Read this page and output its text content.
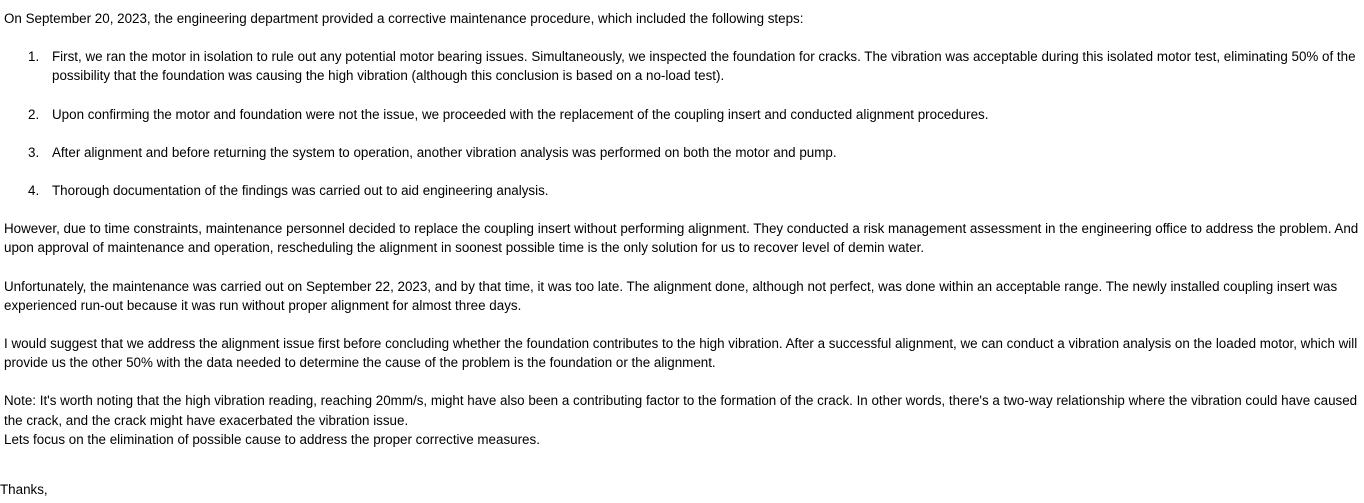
On September 20, 2023, the engineering department provided a corrective maintenance procedure, which included the following steps:

1. First, we ran the motor in isolation to rule out any potential motor bearing issues. Simultaneously, we inspected the foundation for cracks. The vibration was acceptable during this isolated motor test, eliminating 50% of the possibility that the foundation was causing the high vibration (although this conclusion is based on a no-load test).
2. Upon confirming the motor and foundation were not the issue, we proceeded with the replacement of the coupling insert and conducted alignment procedures.
3. After alignment and before returning the system to operation, another vibration analysis was performed on both the motor and pump.
4. Thorough documentation of the findings was carried out to aid engineering analysis.

However, due to time constraints, maintenance personnel decided to replace the coupling insert without performing alignment. They conducted a risk management assessment in the engineering office to address the problem. And upon approval of maintenance and operation, rescheduling the alignment in soonest possible time is the only solution for us to recover level of demin water.

Unfortunately, the maintenance was carried out on September 22, 2023, and by that time, it was too late. The alignment done, although not perfect, was done within an acceptable range. The newly installed coupling insert was experienced run-out because it was run without proper alignment for almost three days.

I would suggest that we address the alignment issue first before concluding whether the foundation contributes to the high vibration. After a successful alignment, we can conduct a vibration analysis on the loaded motor, which will provide us the other 50% with the data needed to determine the cause of the problem is the foundation or the alignment.

Note: It's worth noting that the high vibration reading, reaching 20mm/s, might have also been a contributing factor to the formation of the crack. In other words, there's a two-way relationship where the vibration could have caused the crack, and the crack might have exacerbated the vibration issue.

Lets focus on the elimination of possible cause to address the proper corrective measures.

Thanks,
